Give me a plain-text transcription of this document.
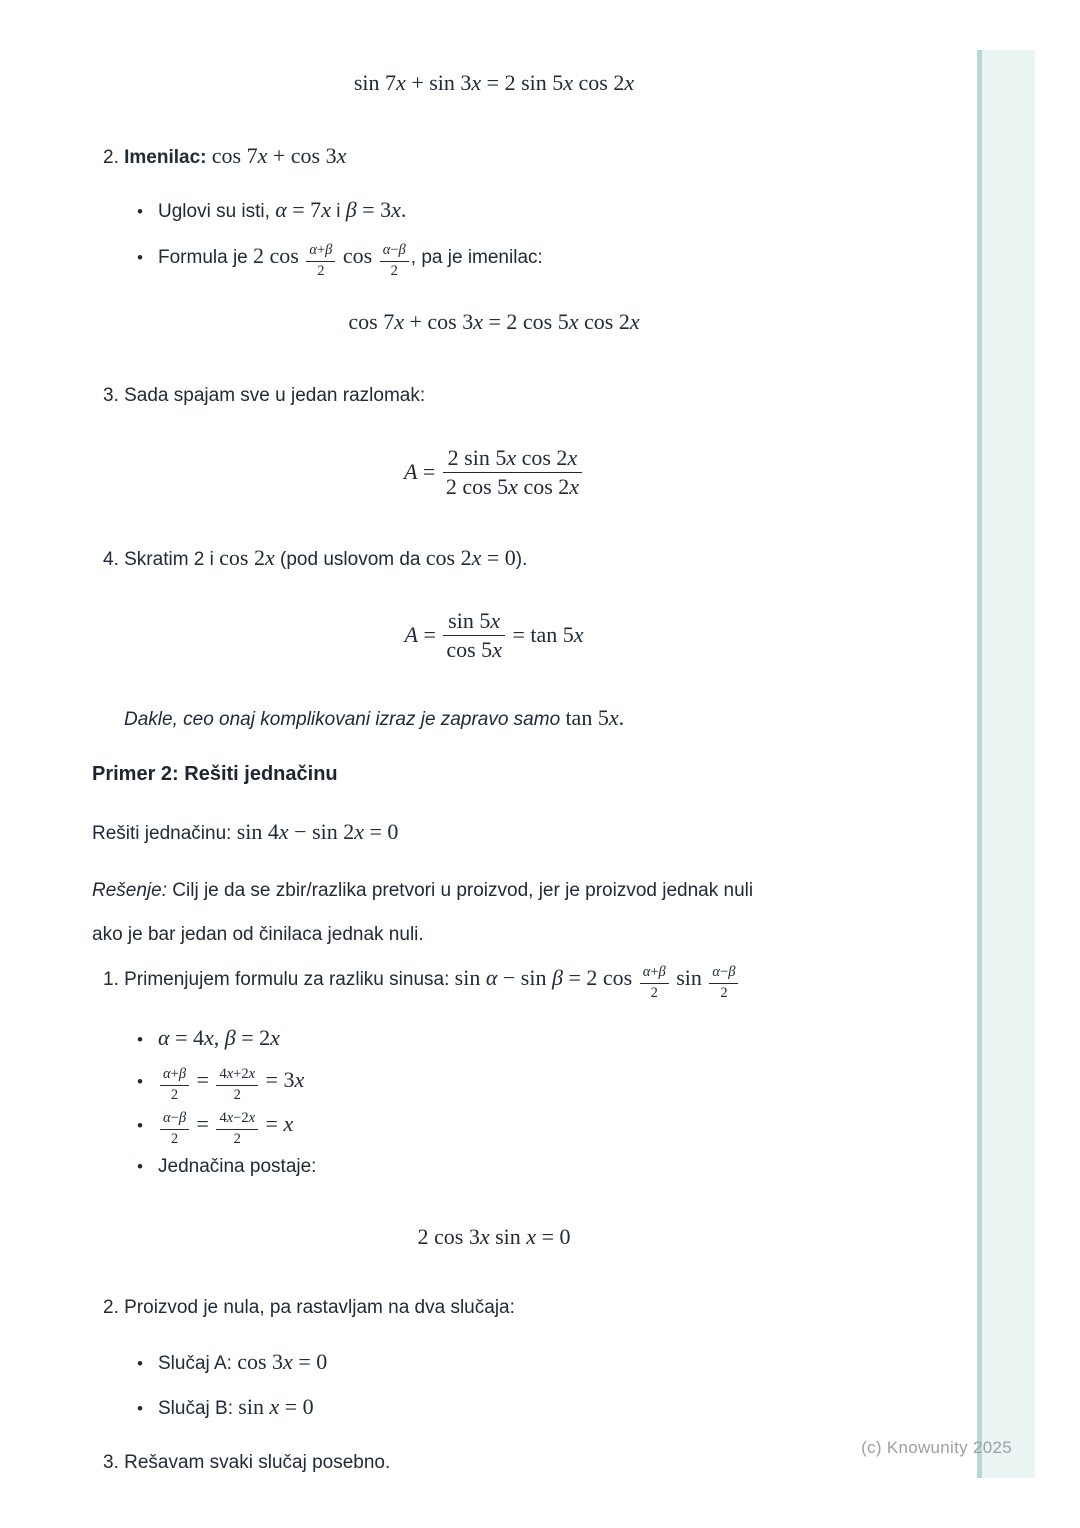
(c) Knowunity 2025
sin 7x + sin 3x = 2 sin 5x cos 2x
2. Imenilac: cos 7x + cos 3x
• Uglovi su isti, α = 7x i β = 3x.
• Formula je 2 $\cos \frac{\alpha+\beta}{2}$ $\cos \frac{\alpha-\beta}{2}$ , pa je imenilac:
cos 7x + cos 3x = 2 cos 5x cos 2x
3. Sada spajam sve u jedan razlomak:
$A = \frac{\text{2 sin 5x cos 2x}}{\text{2 cos 5x cos 2x}}$
4. Skratim 2 i cos 2x (pod uslovom da cos 2x = 0).
$A = \frac{\sin 5x}{\cos 5x} = \tan 5x$
Dakle, ceo onaj komplikovani izraz je zapravo samo tan 5x.
Primer 2: Rešiti jednačinu
Rešiti jednačinu: sin 4x − sin 2x = 0
Rešenje: Cilj je da se zbir/razlika pretvori u proizvod, jer je proizvod jednak nuli
ako je bar jedan od činilaca jednak nuli.
1. Primenjujem formulu za razliku sinusa: sin α − sin β = 2 $\cos \frac{\alpha+\beta}{2}$ $\sin \frac{\alpha-\beta}{2}$
• α = 4x, β = 2x
• $\frac{\alpha+\beta}{2} = \frac{4x+2x}{2} = 3x$
• $\frac{\alpha-\beta}{2} = \frac{4x-2x}{2} = x$
• Jednačina postaje:
2 cos 3x sin x = 0
2. Proizvod je nula, pa rastavljam na dva slučaja:
• Slučaj A: cos 3x = 0
• Slučaj B: sin x = 0
3. Rešavam svaki slučaj posebno.
